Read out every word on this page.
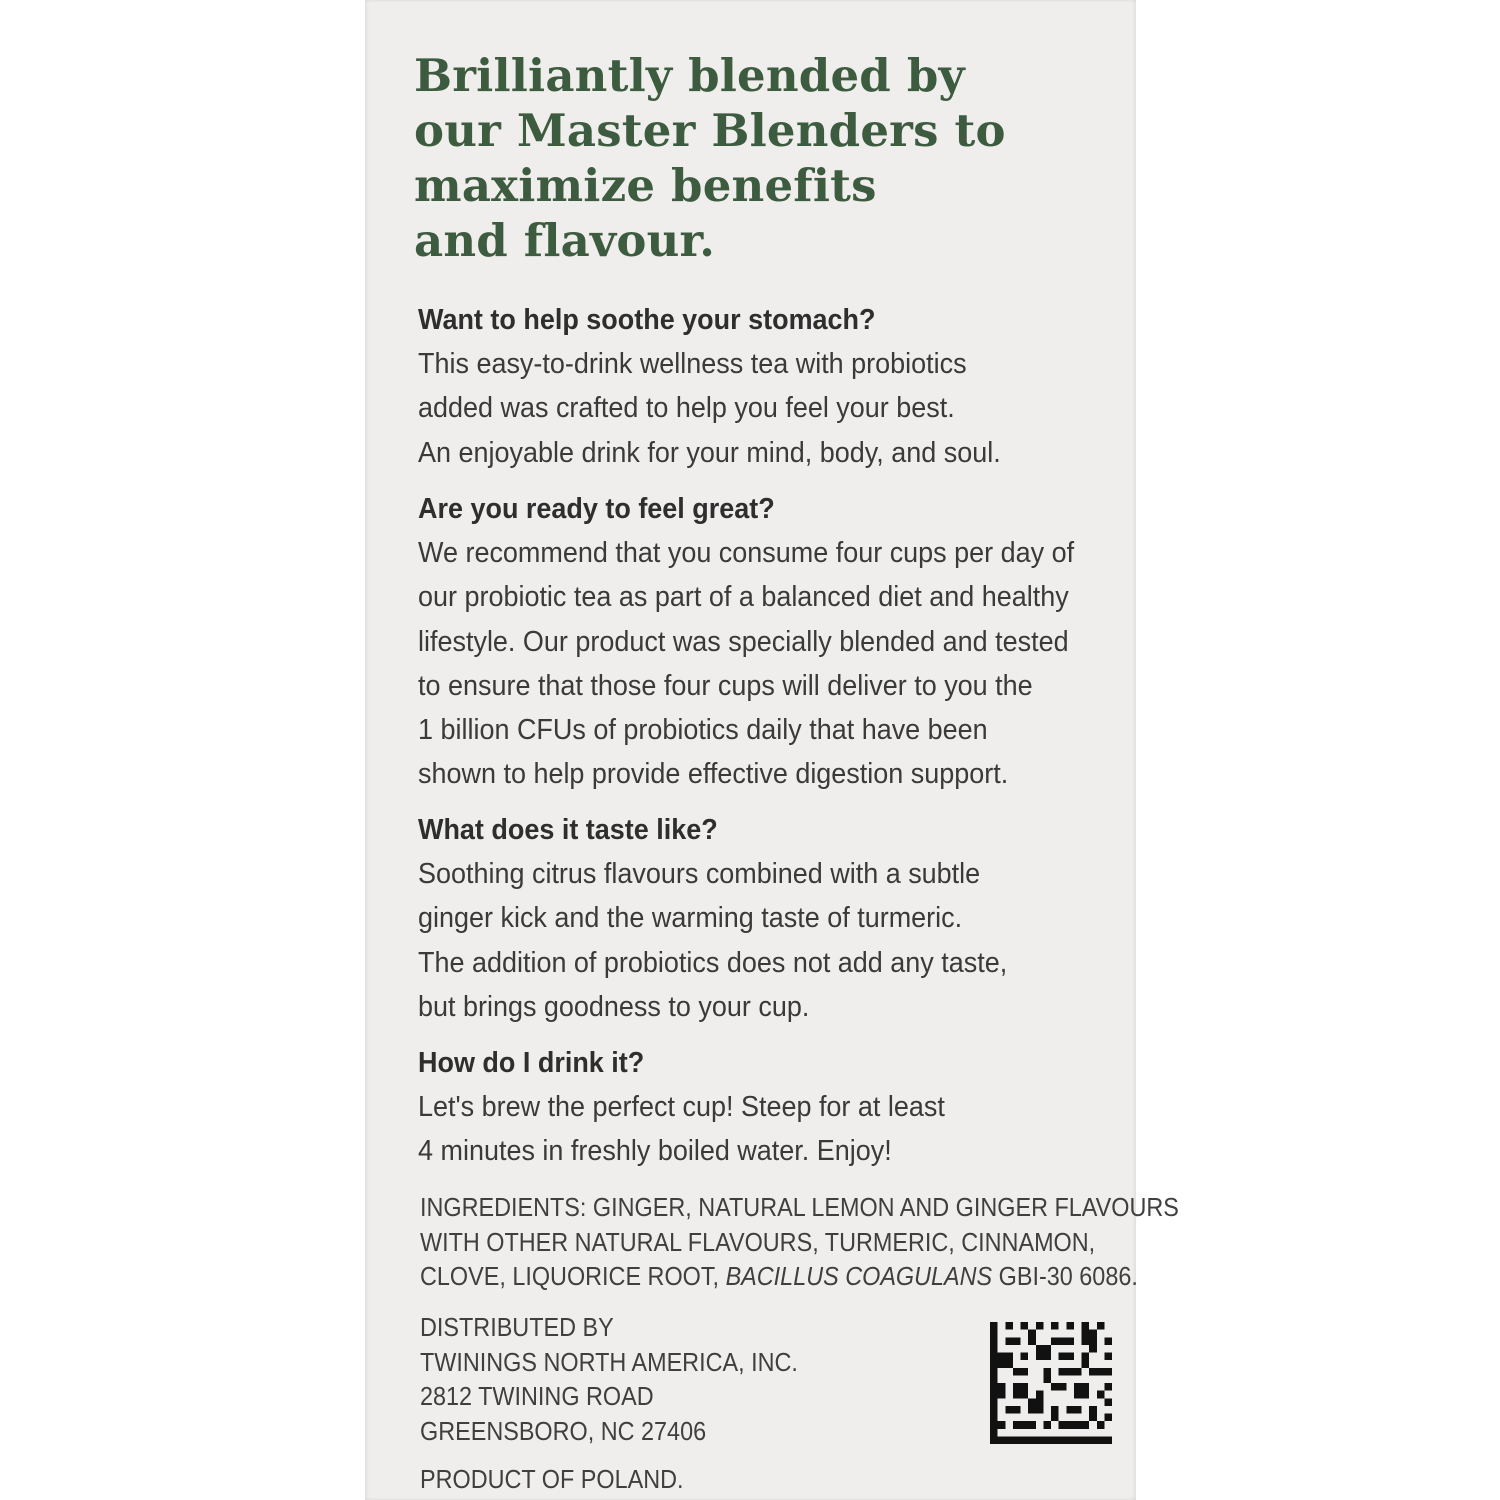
Brilliantly blended by
our Master Blenders to
maximize benefits
and flavour.
Want to help soothe your stomach?
This easy-to-drink wellness tea with probiotics
added was crafted to help you feel your best.
An enjoyable drink for your mind, body, and soul.
Are you ready to feel great?
We recommend that you consume four cups per day of
our probiotic tea as part of a balanced diet and healthy
lifestyle. Our product was specially blended and tested
to ensure that those four cups will deliver to you the
1 billion CFUs of probiotics daily that have been
shown to help provide effective digestion support.
What does it taste like?
Soothing citrus flavours combined with a subtle
ginger kick and the warming taste of turmeric.
The addition of probiotics does not add any taste,
but brings goodness to your cup.
How do I drink it?
Let's brew the perfect cup! Steep for at least
4 minutes in freshly boiled water. Enjoy!
INGREDIENTS: GINGER, NATURAL LEMON AND GINGER FLAVOURS
WITH OTHER NATURAL FLAVOURS, TURMERIC, CINNAMON,
CLOVE, LIQUORICE ROOT, BACILLUS COAGULANS GBI-30 6086.
DISTRIBUTED BY
TWININGS NORTH AMERICA, INC.
2812 TWINING ROAD
GREENSBORO, NC 27406
PRODUCT OF POLAND.
